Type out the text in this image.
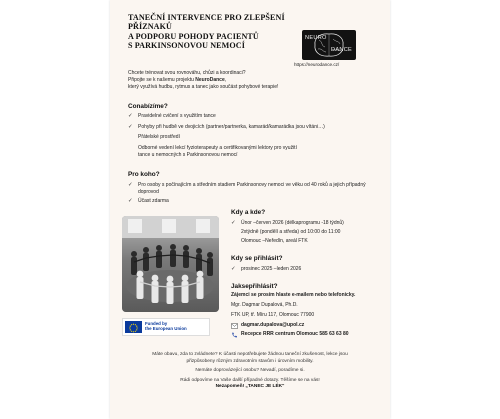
TANEČNÍ INTERVENCE PRO ZLEPŠENÍ PŘÍZNAKŮ
A PODPORU POHODY PACIENTŮ
S PARKINSONOVOU NEMOCÍ
NEURO
DANCE
https://neurodance.cz/
Chcete trénovat svou rovnováhu, chůzi a koordinaci?
Připojte se k našemu projektu NeuroDance,
který využívá hudbu, rytmus a tanec jako součást pohybové terapie!
Conabízíme?
✓ Pravidelné cvičení s využitím tance
✓ Pohyby při hudbě ve dvojicích (partner/partnerka, kamarád/kamarádka jsou vítáni…)
Přátelské prostředí
Odborné vedení lekcí fyzioterapeuty a certifikovanými lektory pro využití tance u nemocných s Parkinsonovou nemocí
Pro koho?
✓ Pro osoby s počínajícím a středním stadiem Parkinsonovy nemoci ve věku od 40 roků a jejich případný doprovod
✓ Účast zdarma
Funded by
the European Union
Kdy a kde?
✓ Únor –červen 2026 (délkaprogramu -18 týdnů)
2xtýdně (pondělí a středa) od 10:00 do 11:00
Olomouc –Neředín, areál FTK
Kdy se přihlásit?
✓ prosinec 2025 –leden 2026
Jaksepřihlásit?
Zájemci se prosím hlaste e-mailem nebo telefonicky.
Mgr. Dagmar Dupalová, Ph.D.
FTK UP, tř. Míru 117, Olomouc 77900
dagmar.dupalova@upol.cz
Recepce RRR centrum Olomouc 585 63 63 80
Máte obavu, zda to zvládnete? K účasti nepotřebujete žádnou taneční zkušenost, lekce jsou
přizpůsobeny různým zdravotním stavům i úrovním mobility.
Nemáte doprovázející osobu? Nevadí, poradíme si.
Rádi odpovíme na Vaše další případné dotazy. Těšíme se na vás!
Nezapomeň! „TANEC JE LÉK"
